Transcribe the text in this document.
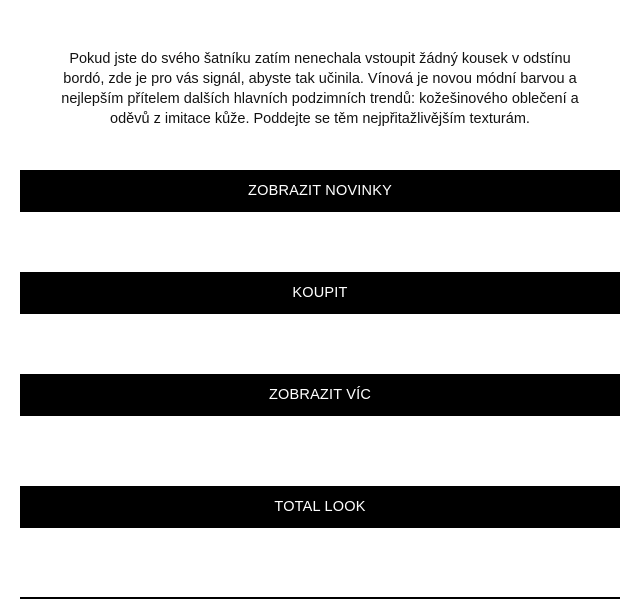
Pokud jste do svého šatníku zatím nenechala vstoupit žádný kousek v odstínu bordó, zde je pro vás signál, abyste tak učinila. Vínová je novou módní barvou a nejlepším přítelem dalších hlavních podzimních trendů: kožešinového oblečení a oděvů z imitace kůže. Poddejte se těm nejpřitažlivějším texturám.

ZOBRAZIT NOVINKY
KOUPIT
ZOBRAZIT VÍC
TOTAL LOOK
